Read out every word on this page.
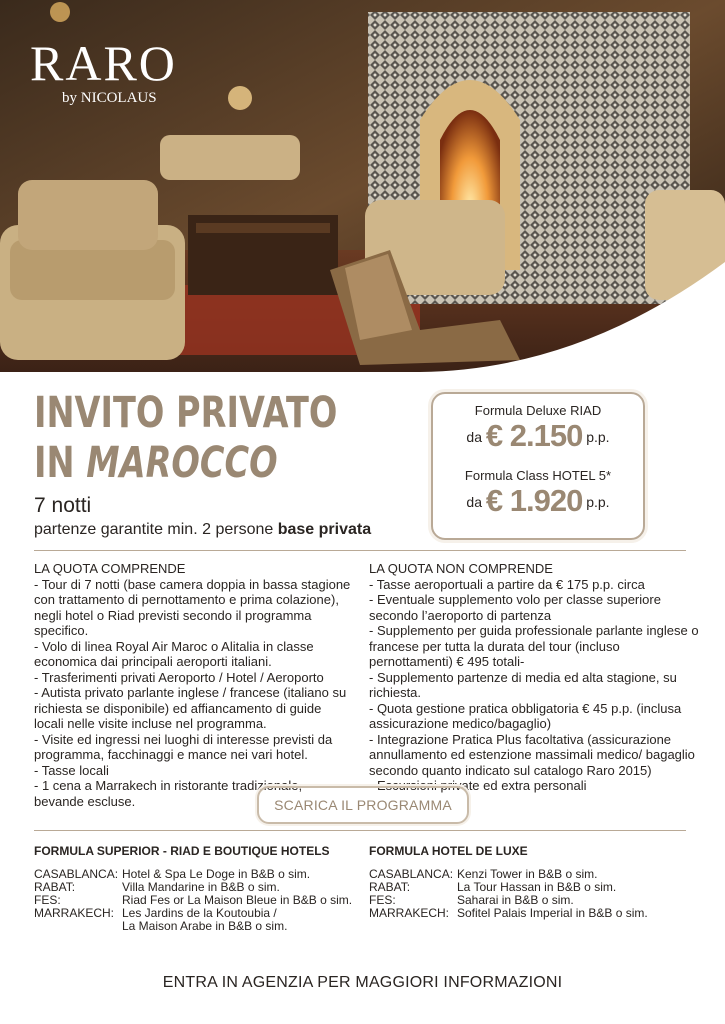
RARO
by NICOLAUS
INVITO PRIVATO
IN MAROCCO
7 notti
partenze garantite min. 2 persone base privata
Formula Deluxe RIAD
da € 2.150 p.p.
Formula Class HOTEL 5*
da € 1.920 p.p.
LA QUOTA COMPRENDE
- Tour di 7 notti (base camera doppia in bassa stagione con trattamento di pernottamento e prima colazione), negli hotel o Riad previsti secondo il programma specifico.
- Volo di linea Royal Air Maroc o Alitalia in classe economica dai principali aeroporti italiani.
- Trasferimenti privati Aeroporto / Hotel / Aeroporto
- Autista privato parlante inglese / francese (italiano su richiesta se disponibile) ed affiancamento di guide locali nelle visite incluse nel programma.
- Visite ed ingressi nei luoghi di interesse previsti da programma, facchinaggi e mance nei vari hotel.
- Tasse locali
- 1 cena a Marrakech in ristorante tradizionale, bevande escluse.
LA QUOTA NON COMPRENDE
- Tasse aeroportuali a partire da € 175 p.p. circa
- Eventuale supplemento volo per classe superiore secondo l’aeroporto di partenza
- Supplemento per guida professionale parlante inglese o francese per tutta la durata del tour (incluso pernottamenti) € 495 totali-
- Supplemento partenze di media ed alta stagione, su richiesta.
- Quota gestione pratica obbligatoria € 45 p.p. (inclusa assicurazione medico/bagaglio)
- Integrazione Pratica Plus facoltativa (assicurazione annullamento ed estenzione massimali medico/ bagaglio secondo quanto indicato sul catalogo Raro 2015)
- Escursioni private ed extra personali
SCARICA IL PROGRAMMA
FORMULA SUPERIOR - RIAD E BOUTIQUE HOTELS
CASABLANCA: Hotel & Spa Le Doge in B&B o sim.
RABAT:	Villa Mandarine in B&B o sim.
FES:	Riad Fes or La Maison Bleue in B&B o sim.
MARRAKECH: Les Jardins de la Koutoubia /
La Maison Arabe in B&B o sim.
FORMULA HOTEL DE LUXE
CASABLANCA: Kenzi Tower in B&B o sim.
RABAT:	La Tour Hassan in B&B o sim.
FES:	Saharai in B&B o sim.
MARRAKECH: Sofitel Palais Imperial in B&B o sim.
ENTRA IN AGENZIA PER MAGGIORI INFORMAZIONI
